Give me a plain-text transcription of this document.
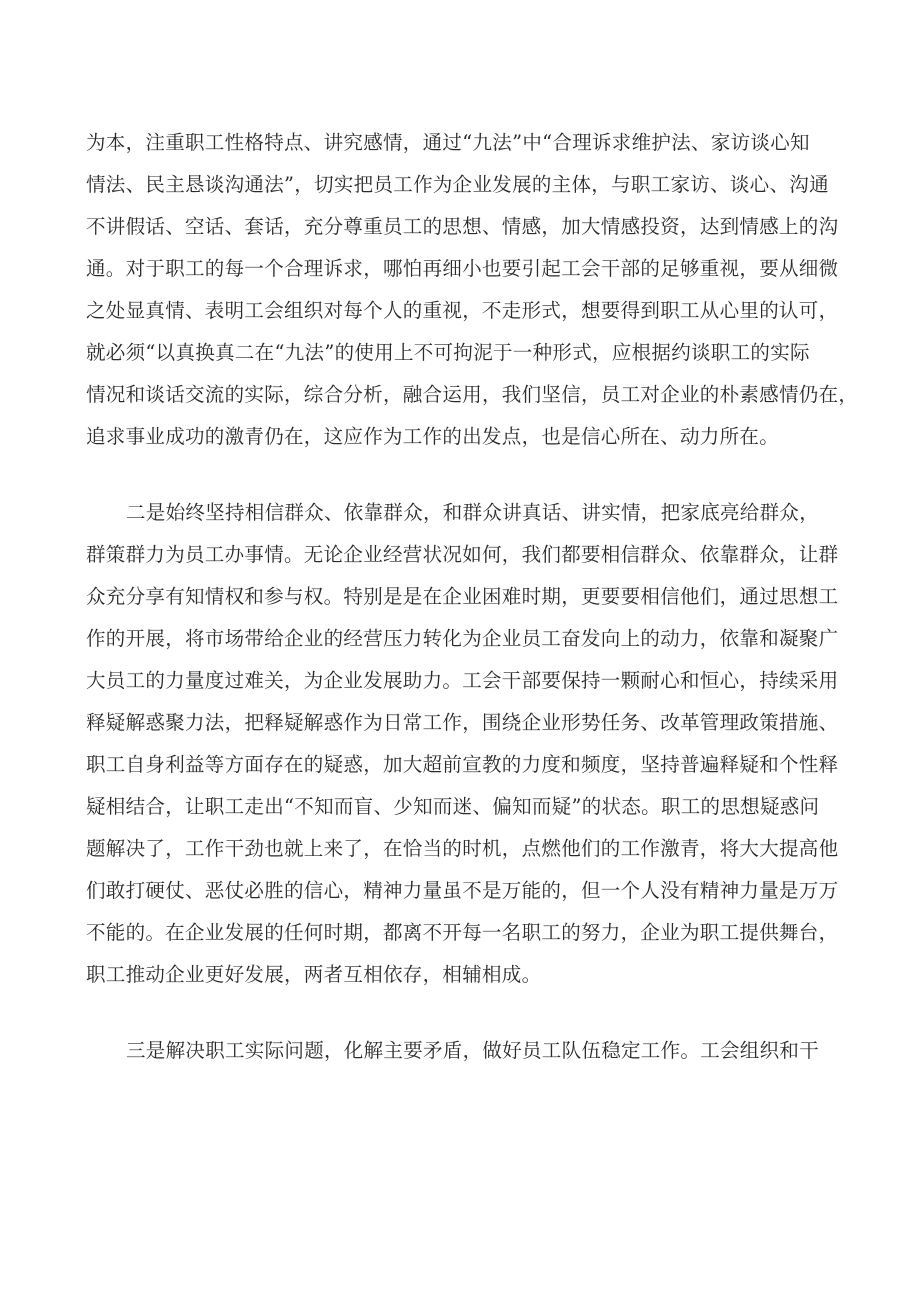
为本，注重职工性格特点、讲究感情，通过“九法”中“合理诉求维护法、家访谈心知
情法、民主恳谈沟通法”，切实把员工作为企业发展的主体，与职工家访、谈心、沟通
不讲假话、空话、套话，充分尊重员工的思想、情感，加大情感投资，达到情感上的沟
通。对于职工的每一个合理诉求，哪怕再细小也要引起工会干部的足够重视，要从细微
之处显真情、表明工会组织对每个人的重视，不走形式，想要得到职工从心里的认可，
就必须“以真换真二在“九法”的使用上不可拘泥于一种形式，应根据约谈职工的实际
情况和谈话交流的实际，综合分析，融合运用，我们坚信，员工对企业的朴素感情仍在，
追求事业成功的激青仍在，这应作为工作的出发点，也是信心所在、动力所在。
二是始终坚持相信群众、依靠群众，和群众讲真话、讲实情，把家底亮给群众，
群策群力为员工办事情。无论企业经营状况如何，我们都要相信群众、依靠群众，让群
众充分享有知情权和参与权。特别是是在企业困难时期，更要要相信他们，通过思想工
作的开展，将市场带给企业的经营压力转化为企业员工奋发向上的动力，依靠和凝聚广
大员工的力量度过难关，为企业发展助力。工会干部要保持一颗耐心和恒心，持续采用
释疑解惑聚力法，把释疑解惑作为日常工作，围绕企业形势任务、改革管理政策措施、
职工自身利益等方面存在的疑惑，加大超前宣教的力度和频度，坚持普遍释疑和个性释
疑相结合，让职工走出“不知而盲、少知而迷、偏知而疑”的状态。职工的思想疑惑问
题解决了，工作干劲也就上来了，在恰当的时机，点燃他们的工作激青，将大大提高他
们敢打硬仗、恶仗必胜的信心，精神力量虽不是万能的，但一个人没有精神力量是万万
不能的。在企业发展的任何时期，都离不开每一名职工的努力，企业为职工提供舞台，
职工推动企业更好发展，两者互相依存，相辅相成。
三是解决职工实际问题，化解主要矛盾，做好员工队伍稳定工作。工会组织和干
